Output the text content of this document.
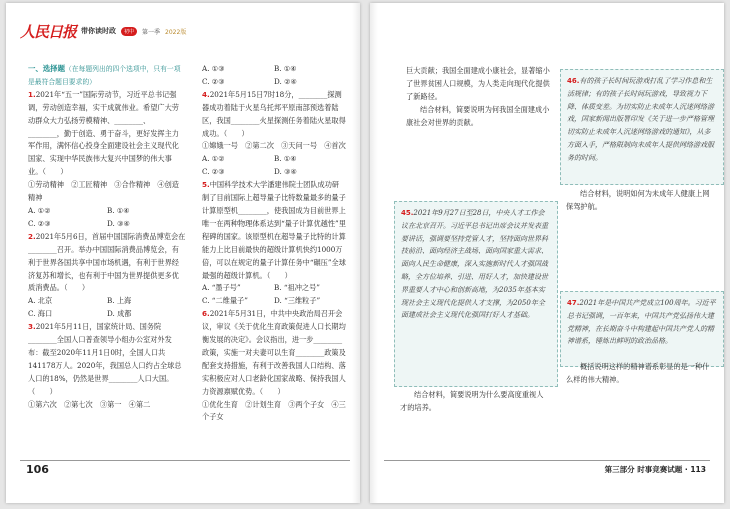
人民日报 带你读时政	初中	第一季 2022版

一、选择题（在每题列出的四个选项中，只有一项是最符合题目要求的）

1.2021年“五一”国际劳动节，习近平总书记强调，劳动创造幸福，实干成就伟业。希望广大劳动群众大力弘扬劳模精神、________、________，勤于创造、勇于奋斗，更好发挥主力军作用，满怀信心投身全面建设社会主义现代化国家、实现中华民族伟大复兴中国梦的伟大事业。（　　）

①劳动精神　②工匠精神　③合作精神　④创造精神

A. ①②	B. ①④
C. ②③	D. ③④

2.2021年5月6日，首届中国国际消费品博览会在________召开。举办中国国际消费品博览会，有利于世界各国共享中国市场机遇，有利于世界经济复苏和增长，也有利于中国为世界提供更多优质消费品。（　　）

A. 北京	B. 上海
C. 海口	D. 成都

3.2021年5月11日，国家统计局、国务院________全国人口普查领导小组办公室对外发布：截至2020年11月1日0时，全国人口共141178万人。2020年，我国总人口约占全球总人口的18%，仍然是世界________人口大国。（　　）

①第六次　②第七次　③第一　④第二

A. ①③	B. ①④
C. ②③	D. ②④

4.2021年5月15日7时18分，________探测器成功着陆于火星乌托邦平原南部预选着陆区，我国________火星探测任务着陆火星取得成功。（　　）

①嫦娥一号　②第二次　③天问一号　④首次

A. ①②	B. ①④
C. ②③	D. ③④

5.中国科学技术大学潘建伟院士团队成功研制了目前国际上超导量子比特数量最多的量子计算原型机________，使我国成为目前世界上唯一在两种物理体系达到“量子计算优越性”里程碑的国家。该原型机在超导量子比特的计算能力上比目前最快的超级计算机快约1000万倍，可以在规定的量子计算任务中“碾压”全球最强的超级计算机。（　　）

A. “墨子号”	B. “祖冲之号”
C. “二维量子”	D. “三维粒子”

6.2021年5月31日，中共中央政治局召开会议，审议《关于优化生育政策促进人口长期均衡发展的决定》。会议指出，进一步________政策，实施一对夫妻可以生育________政策及配套支持措施，有利于改善我国人口结构、落实积极应对人口老龄化国家战略、保持我国人力资源禀赋优势。（　　）

①优化生育　②计划生育　③两个子女　④三个子女

106

巨大贡献；我国全面建成小康社会，显著缩小了世界贫困人口规模，为人类走向现代化提供了新路径。

结合材料，简要说明为何我国全面建成小康社会对世界的贡献。

45.2021年9月27日至28日，中央人才工作会议在北京召开。习近平总书记出席会议并发表重要讲话，强调要坚持党管人才，坚持面向世界科技前沿、面向经济主战场、面向国家重大需求、面向人民生命健康，深入实施新时代人才强国战略，全方位培养、引进、用好人才，加快建设世界重要人才中心和创新高地，为2035年基本实现社会主义现代化提供人才支撑，为2050年全面建成社会主义现代化强国打好人才基础。

结合材料，简要说明为什么要高度重视人才的培养。

46.有的孩子长时间玩游戏打乱了学习作息和生活规律；有的孩子长时间玩游戏，导致视力下降、体质变差。为切实防止未成年人沉迷网络游戏，国家新闻出版署印发《关于进一步严格管理 切实防止未成年人沉迷网络游戏的通知》，从多方面入手，严格限制向未成年人提供网络游戏服务的时间。

结合材料，说明如何为未成年人健康上网保驾护航。

47.2021年是中国共产党成立100周年。习近平总书记强调，一百年来，中国共产党弘扬伟大建党精神，在长期奋斗中构建起中国共产党人的精神谱系，锤炼出鲜明的政治品格。

概括说明这样的精神谱系彰显的是一种什么样的伟大精神。

第三部分 时事竞赛试题 · 113
